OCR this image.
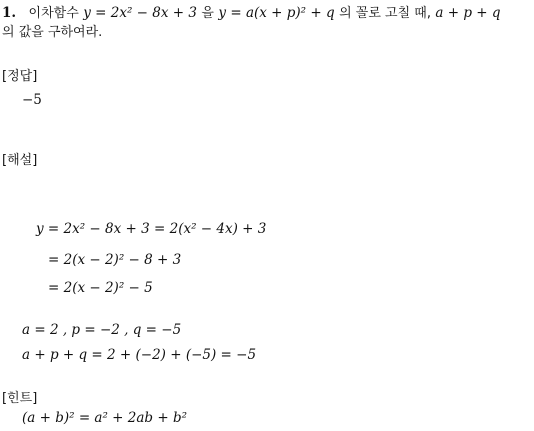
1. 이차함수 y = 2x² − 8x + 3 을 y = a(x + p)² + q 의 꼴로 고칠 때, a + p + q
의 값을 구하여라.
[정답]
−5
[해설]
y = 2x² − 8x + 3 = 2(x² − 4x) + 3
= 2(x − 2)² − 8 + 3
= 2(x − 2)² − 5
a = 2 , p = −2 , q = −5
a + p + q = 2 + (−2) + (−5) = −5
[힌트]
(a + b)² = a² + 2ab + b²
